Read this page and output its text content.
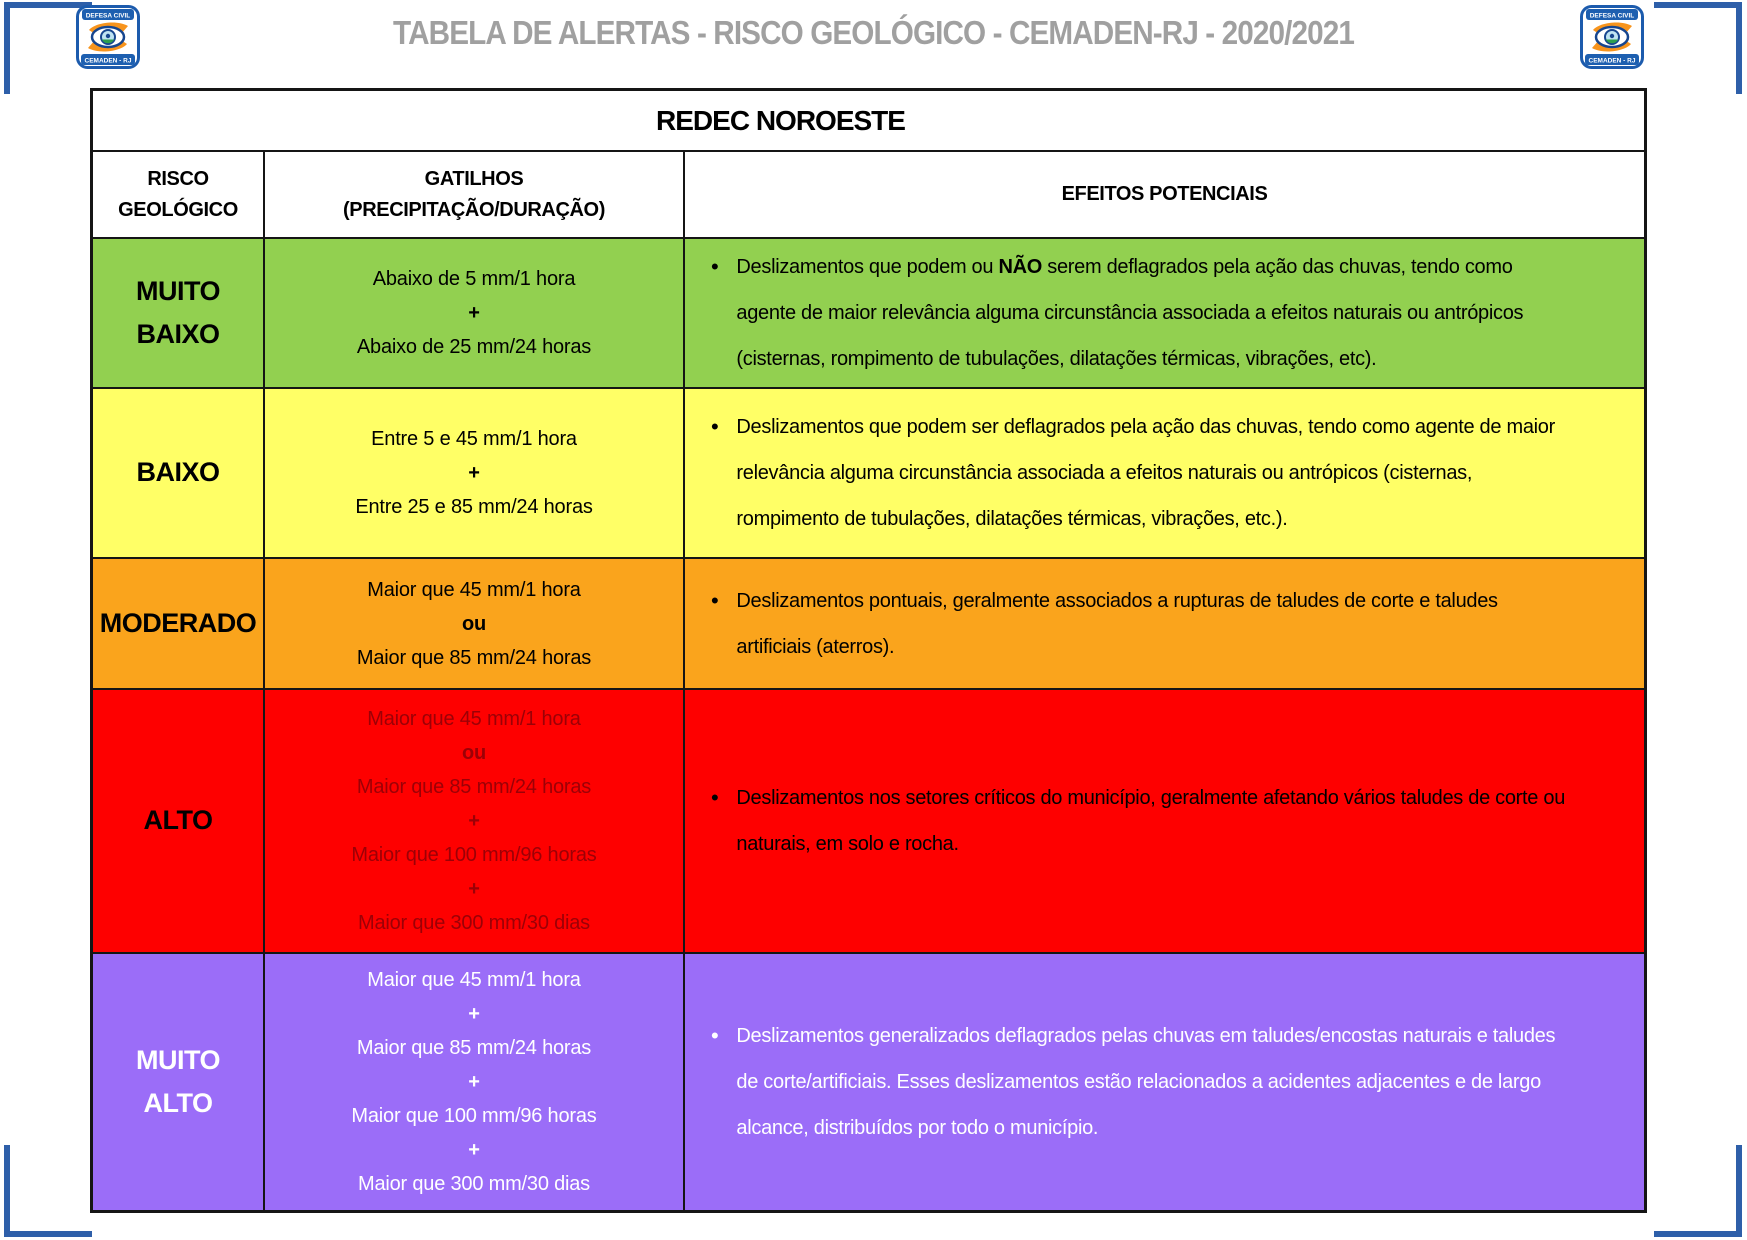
DEFESA CIVIL
CEMADEN - RJ
TABELA DE ALERTAS - RISCO GEOLÓGICO - CEMADEN-RJ - 2020/2021	DEFESA CIVIL
CEMADEN - RJ
REDEC NOROESTE
RISCO
GEOLÓGICO
GATILHOS
(PRECIPITAÇÃO/DURAÇÃO)
EFEITOS POTENCIAIS
MUITO
BAIXO
Abaixo de 5 mm/1 hora
+
Abaixo de 25 mm/24 horas
• Deslizamentos que podem ou NÃO serem deflagrados pela ação das chuvas, tendo como agente de maior relevância alguma circunstância associada a efeitos naturais ou antrópicos (cisternas, rompimento de tubulações, dilatações térmicas, vibrações, etc).

BAIXO
Entre 5 e 45 mm/1 hora
+
Entre 25 e 85 mm/24 horas
• Deslizamentos que podem ser deflagrados pela ação das chuvas, tendo como agente de maior relevância alguma circunstância associada a efeitos naturais ou antrópicos (cisternas, rompimento de tubulações, dilatações térmicas, vibrações, etc.).

MODERADO
Maior que 45 mm/1 hora
ou
Maior que 85 mm/24 horas
• Deslizamentos pontuais, geralmente associados a rupturas de taludes de corte e taludes artificiais (aterros).

ALTO
Maior que 45 mm/1 hora
ou
Maior que 85 mm/24 horas
+
Maior que 100 mm/96 horas
+
Maior que 300 mm/30 dias
• Deslizamentos nos setores críticos do município, geralmente afetando vários taludes de corte ou naturais, em solo e rocha.

MUITO
ALTO
Maior que 45 mm/1 hora
+
Maior que 85 mm/24 horas
+
Maior que 100 mm/96 horas
+
Maior que 300 mm/30 dias
• Deslizamentos generalizados deflagrados pelas chuvas em taludes/encostas naturais e taludes de corte/artificiais. Esses deslizamentos estão relacionados a acidentes adjacentes e de largo alcance, distribuídos por todo o município.
